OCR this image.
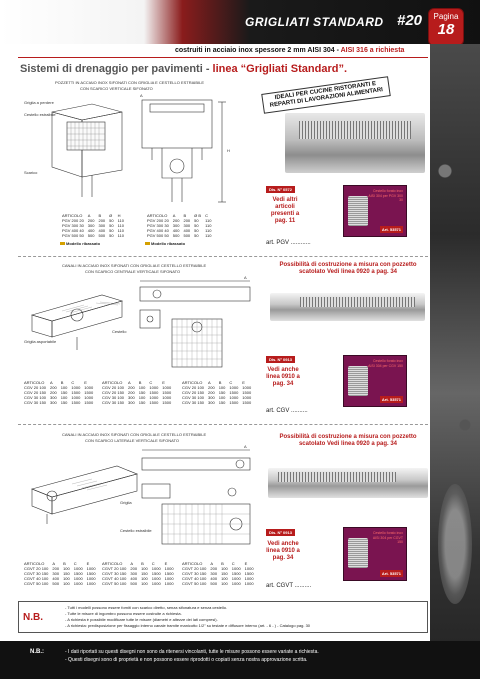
GRIGLIATI STANDARD #20	Pagina
18
costruiti in acciaio inox spessore 2 mm AISI 304 - AISI 316 a richiesta
Sistemi di drenaggio per pavimenti - linea “Grigliati Standard”.
POZZETTI IN ACCIAIO INOX SIFONATI CON GRIGLIA E CESTELLO ESTRAIBILE
CON SCARICO VERTICALE SIFONATO
Griglia a perdere
Cestello estraibile
Scarico
A
H
ARTICOLO	A	B	Ø	H
PGV 200 20	200	200	50	110
PGV 300 30	300	300	50	110
PGV 400 40	400	400	50	110
PGV 500 50	500	500	50	110
ARTICOLO	A	B	Ø B	C
PGV 200 20	200	200	50	110
PGV 300 30	300	300	50	110
PGV 400 40	400	400	50	110
PGV 500 50	500	500	50	110
Modello ribassato	Modello ribassato
IDEALI PER CUCINE RISTORANTI E REPARTI DI LAVORAZIONI ALIMENTARI
Dis. N° 0572
Vedi altri articoli presenti a pag. 11
Cestello forato inox AISI 304 per PGV 300 30
Art. 53571
art. PGV ............
CANALI IN ACCIAIO INOX SIFONATI CON GRIGLIA E CESTELLO ESTRAIBILE
CON SCARICO CENTRALE VERTICALE SIFONATO
Griglia asportabile
Cestello
A
ARTICOLO	A	B	C	E
CGV 20 100	200	100	1000	1000
CGV 20 150	200	150	1500	1500
CGV 30 100	300	100	1000	1000
CGV 30 150	300	150	1500	1500
ARTICOLO	A	B	C	E
CGV 20 100	200	100	1000	1000
CGV 20 150	200	150	1500	1500
CGV 30 100	300	100	1000	1000
CGV 30 150	300	150	1500	1500
ARTICOLO	A	B	C	E
CGV 20 100	200	100	1000	1000
CGV 20 150	200	150	1500	1500
CGV 30 100	300	100	1000	1000
CGV 30 150	300	150	1500	1500
Possibilità di costruzione a misura con pozzetto scatolato Vedi linea 0920 a pag. 34
Dis. N° 0913
Vedi anche linea 0910 a pag. 34
Cestello forato inox AISI 304 per CGV 150
Art. 53571
art. CGV ..........
CANALI IN ACCIAIO INOX SIFONATI CON GRIGLIA E CESTELLO ESTRAIBILE
CON SCARICO LATERALE VERTICALE SIFONATO
Griglia
Cestello estraibile
A
ARTICOLO	A	B	C	E
CGVT 20 100	200	100	1000	1000
CGVT 30 150	300	150	1500	1500
CGVT 40 100	400	100	1000	1000
CGVT 50 100	500	100	1000	1000
ARTICOLO	A	B	C	E
CGVT 20 100	200	100	1000	1000
CGVT 30 150	300	150	1500	1500
CGVT 40 100	400	100	1000	1000
CGVT 50 100	500	100	1000	1000
ARTICOLO	A	B	C	E
CGVT 20 100	200	100	1000	1000
CGVT 30 150	300	150	1500	1500
CGVT 40 100	400	100	1000	1000
CGVT 50 100	500	100	1000	1000
Possibilità di costruzione a misura con pozzetto scatolato Vedi linea 0920 a pag. 34
Dis. N° 0913
Vedi anche linea 0910 a pag. 34
Cestello forato inox AISI 304 per CGVT 150
Art. 53571
art. CGVT ..........
N.B.
- Tutti i modelli possono essere forniti con scarico diretto, senza sifonatura e senza cestello.
- Tutte le misure di ingombro possono essere costruite a richiesta.
- A richiesta è possibile modificare tutte le misure (diametri e altezze dei lati compresi).
- A richiesta: predisposizione per fissaggio interno canale tramite manicotto 1/2" su testate e diffusore interno (art. - 6 - ) - Catalogo pag. 30
N.B.:	- I dati riportati su questi disegni non sono da ritenersi vincolanti, tutte le misure possono essere variate a richiesta.
- Questi disegni sono di proprietà e non possono essere riprodotti o copiati senza nostra approvazione scritta.
